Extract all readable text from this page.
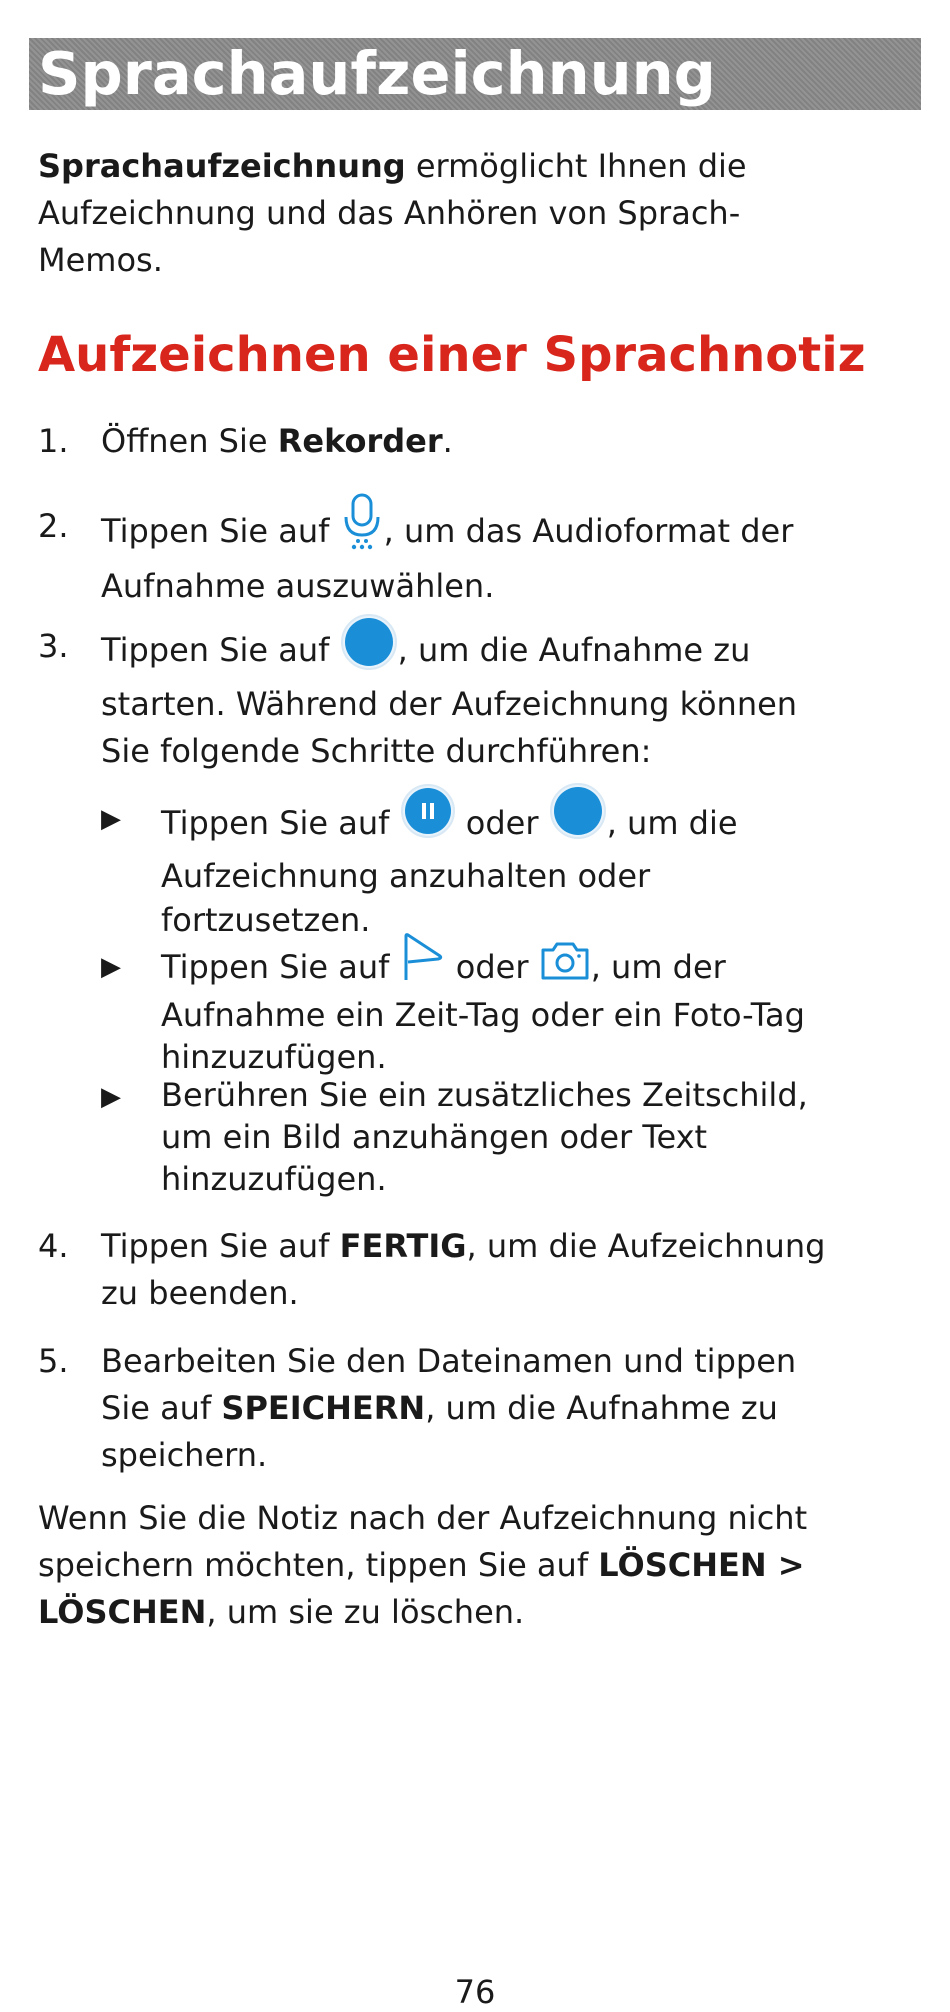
Sprachaufzeichnung
Sprachaufzeichnung ermöglicht Ihnen die
Aufzeichnung und das Anhören von Sprach-
Memos.
Aufzeichnen einer Sprachnotiz
1. Öffnen Sie Rekorder.
2. Tippen Sie auf
, um das Audioformat der
Aufnahme auszuwählen.
3. Tippen Sie auf
, um die Aufnahme zu
starten. Während der Aufzeichnung können
Sie folgende Schritte durchführen:
▶ Tippen Sie auf
oder
, um die
Aufzeichnung anzuhalten oder
fortzusetzen.
▶ Tippen Sie auf
oder
, um der
Aufnahme ein Zeit-Tag oder ein Foto-Tag
hinzuzufügen.
▶ Berühren Sie ein zusätzliches Zeitschild,
um ein Bild anzuhängen oder Text
hinzuzufügen.
4. Tippen Sie auf FERTIG, um die Aufzeichnung
zu beenden.
5. Bearbeiten Sie den Dateinamen und tippen
Sie auf SPEICHERN, um die Aufnahme zu
speichern.
Wenn Sie die Notiz nach der Aufzeichnung nicht
speichern möchten, tippen Sie auf LÖSCHEN >
LÖSCHEN, um sie zu löschen.
76
